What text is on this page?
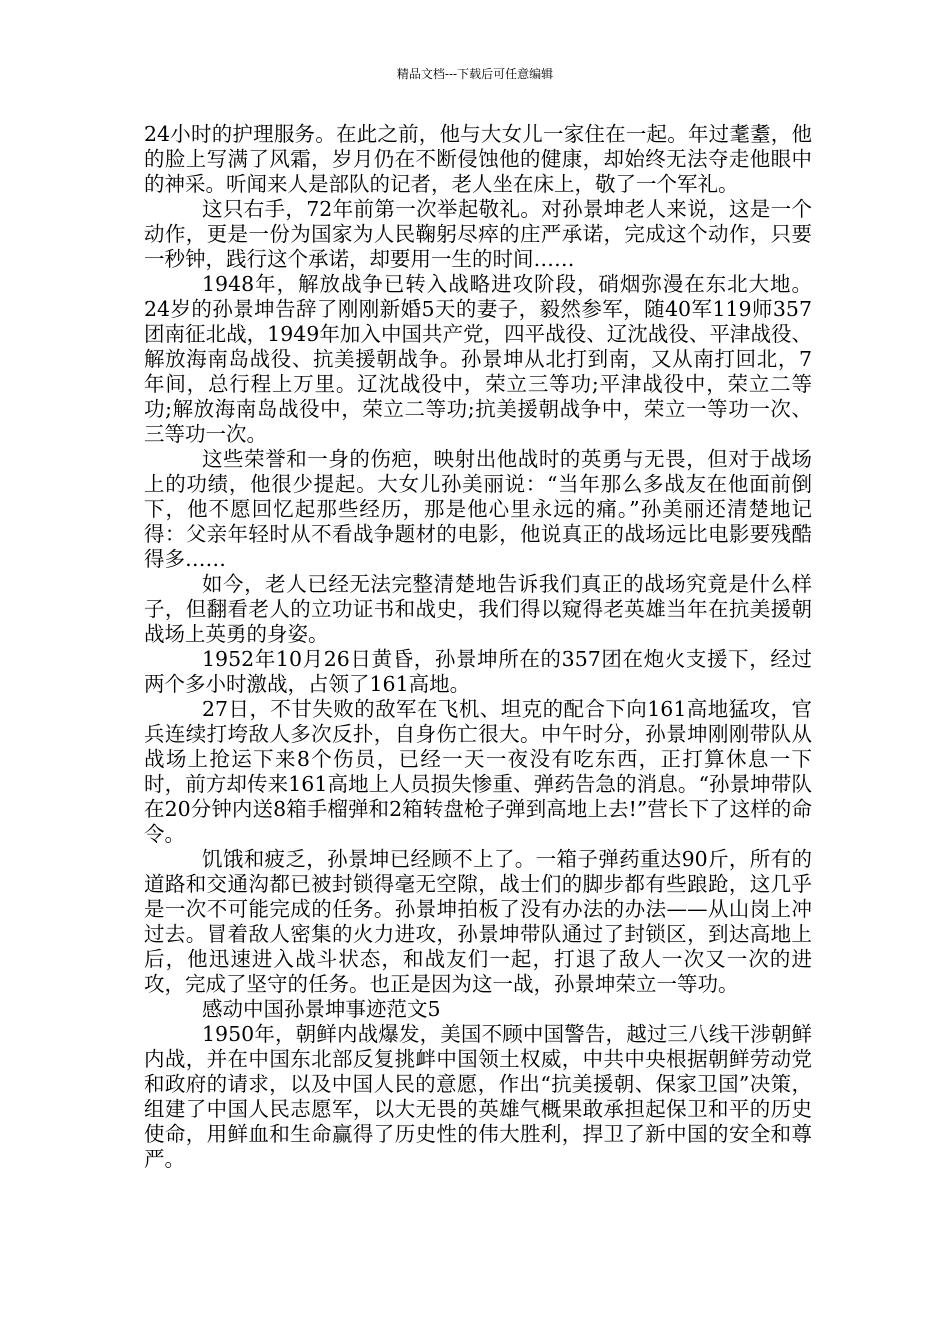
精品文档---下载后可任意编辑

24小时的护理服务。在此之前，他与大女儿一家住在一起。年过耄耋，他的脸上写满了风霜，岁月仍在不断侵蚀他的健康，却始终无法夺走他眼中的神采。听闻来人是部队的记者，老人坐在床上，敬了一个军礼。

这只右手，72年前第一次举起敬礼。对孙景坤老人来说，这是一个动作，更是一份为国家为人民鞠躬尽瘁的庄严承诺，完成这个动作，只要一秒钟，践行这个承诺，却要用一生的时间……

1948年，解放战争已转入战略进攻阶段，硝烟弥漫在东北大地。24岁的孙景坤告辞了刚刚新婚5天的妻子，毅然参军，随40军119师357团南征北战，1949年加入中国共产党，四平战役、辽沈战役、平津战役、解放海南岛战役、抗美援朝战争。孙景坤从北打到南，又从南打回北，7年间，总行程上万里。辽沈战役中，荣立三等功;平津战役中，荣立二等功;解放海南岛战役中，荣立二等功;抗美援朝战争中，荣立一等功一次、三等功一次。

这些荣誉和一身的伤疤，映射出他战时的英勇与无畏，但对于战场上的功绩，他很少提起。大女儿孙美丽说：“当年那么多战友在他面前倒下，他不愿回忆起那些经历，那是他心里永远的痛。”孙美丽还清楚地记得：父亲年轻时从不看战争题材的电影，他说真正的战场远比电影要残酷得多……

如今，老人已经无法完整清楚地告诉我们真正的战场究竟是什么样子，但翻看老人的立功证书和战史，我们得以窥得老英雄当年在抗美援朝战场上英勇的身姿。

1952年10月26日黄昏，孙景坤所在的357团在炮火支援下，经过两个多小时激战，占领了161高地。

27日，不甘失败的敌军在飞机、坦克的配合下向161高地猛攻，官兵连续打垮敌人多次反扑，自身伤亡很大。中午时分，孙景坤刚刚带队从战场上抢运下来8个伤员，已经一天一夜没有吃东西，正打算休息一下时，前方却传来161高地上人员损失惨重、弹药告急的消息。“孙景坤带队在20分钟内送8箱手榴弹和2箱转盘枪子弹到高地上去!”营长下了这样的命令。

饥饿和疲乏，孙景坤已经顾不上了。一箱子弹药重达90斤，所有的道路和交通沟都已被封锁得毫无空隙，战士们的脚步都有些踉跄，这几乎是一次不可能完成的任务。孙景坤拍板了没有办法的办法——从山岗上冲过去。冒着敌人密集的火力进攻，孙景坤带队通过了封锁区，到达高地上后，他迅速进入战斗状态，和战友们一起，打退了敌人一次又一次的进攻，完成了坚守的任务。也正是因为这一战，孙景坤荣立一等功。

感动中国孙景坤事迹范文5

1950年，朝鲜内战爆发，美国不顾中国警告，越过三八线干涉朝鲜内战，并在中国东北部反复挑衅中国领土权威，中共中央根据朝鲜劳动党和政府的请求，以及中国人民的意愿，作出“抗美援朝、保家卫国”决策，组建了中国人民志愿军，以大无畏的英雄气概果敢承担起保卫和平的历史使命，用鲜血和生命赢得了历史性的伟大胜利，捍卫了新中国的安全和尊严。
